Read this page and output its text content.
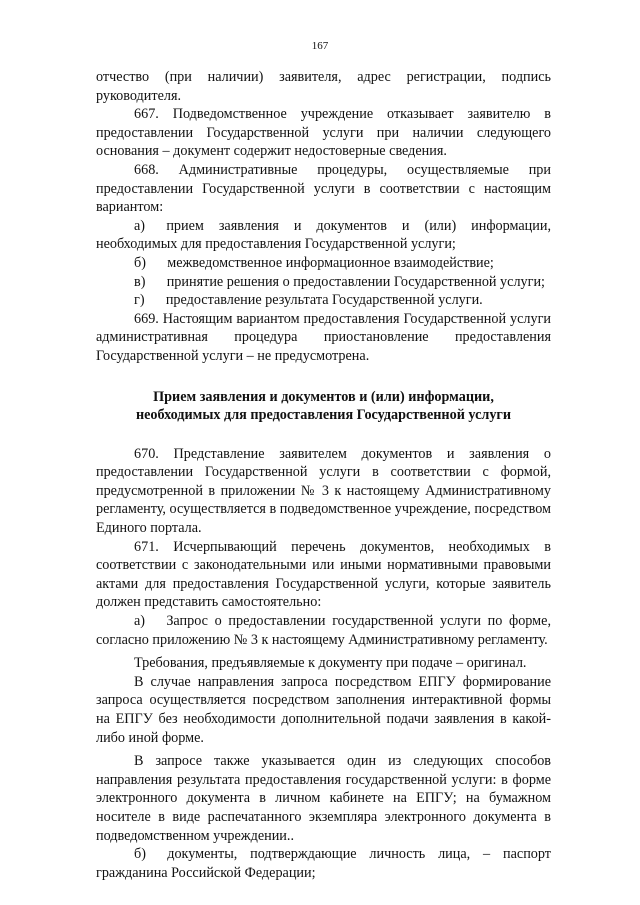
167

отчество (при наличии) заявителя, адрес регистрации, подпись руководителя.

667. Подведомственное учреждение отказывает заявителю в предоставлении Государственной услуги при наличии следующего основания – документ содержит недостоверные сведения.

668. Административные процедуры, осуществляемые при предоставлении Государственной услуги в соответствии с настоящим вариантом:

а)   прием заявления и документов и (или) информации, необходимых для предоставления Государственной услуги;

б)   межведомственное информационное взаимодействие;

в)   принятие решения о предоставлении Государственной услуги;

г)   предоставление результата Государственной услуги.

669. Настоящим вариантом предоставления Государственной услуги административная процедура приостановление предоставления Государственной услуги – не предусмотрена.

Прием заявления и документов и (или) информации,
необходимых для предоставления Государственной услуги

670. Представление заявителем документов и заявления о предоставлении Государственной услуги в соответствии с формой, предусмотренной в приложении № 3 к настоящему Административному регламенту, осуществляется в подведомственное учреждение, посредством Единого портала.

671. Исчерпывающий перечень документов, необходимых в соответствии с законодательными или иными нормативными правовыми актами для предоставления Государственной услуги, которые заявитель должен представить самостоятельно:

а)   Запрос о предоставлении государственной услуги по форме, согласно приложению № 3 к настоящему Административному регламенту.

Требования, предъявляемые к документу при подаче – оригинал.

В случае направления запроса посредством ЕПГУ формирование запроса осуществляется посредством заполнения интерактивной формы на ЕПГУ без необходимости дополнительной подачи заявления в какой-либо иной форме.

В запросе также указывается один из следующих способов направления результата предоставления государственной услуги: в форме электронного документа в личном кабинете на ЕПГУ; на бумажном носителе в виде распечатанного экземпляра электронного документа в подведомственном учреждении..

б)   документы, подтверждающие личность лица, – паспорт гражданина Российской Федерации;
